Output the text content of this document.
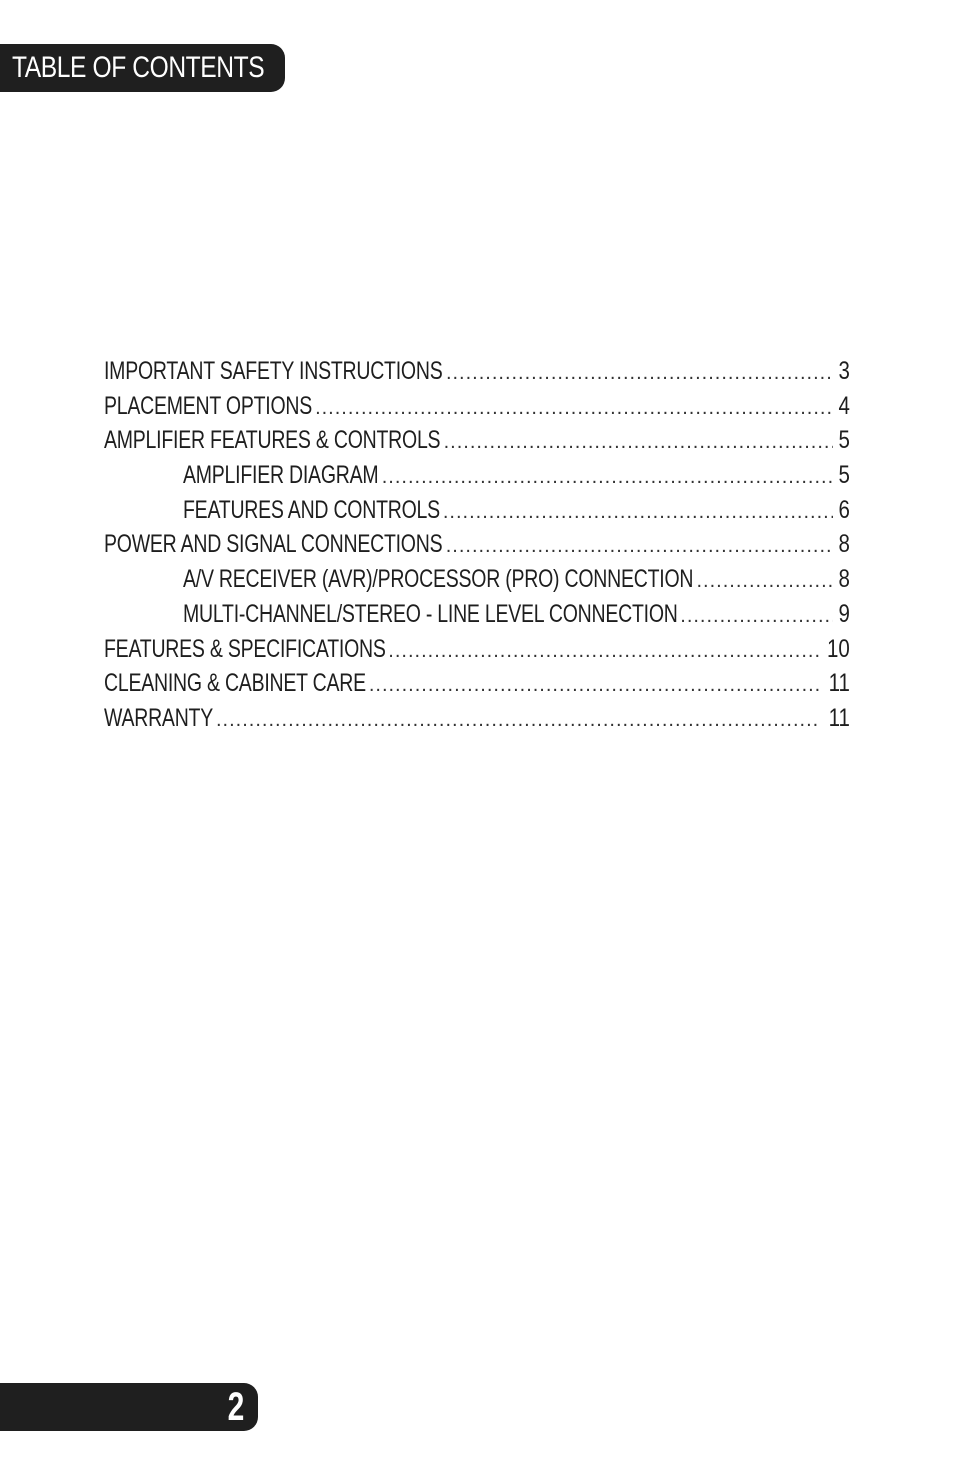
TABLE OF CONTENTS
IMPORTANT SAFETY INSTRUCTIONS .....	3
PLACEMENT OPTIONS .....	4
AMPLIFIER FEATURES & CONTROLS .....	5
AMPLIFIER DIAGRAM .....	5
FEATURES AND CONTROLS .....	6
POWER AND SIGNAL CONNECTIONS .....	8
A/V RECEIVER (AVR)/PROCESSOR (PRO) CONNECTION .....	8
MULTI-CHANNEL/STEREO - LINE LEVEL CONNECTION .....	9
FEATURES & SPECIFICATIONS .....	10
CLEANING & CABINET CARE .....	11
WARRANTY .....	11
2
